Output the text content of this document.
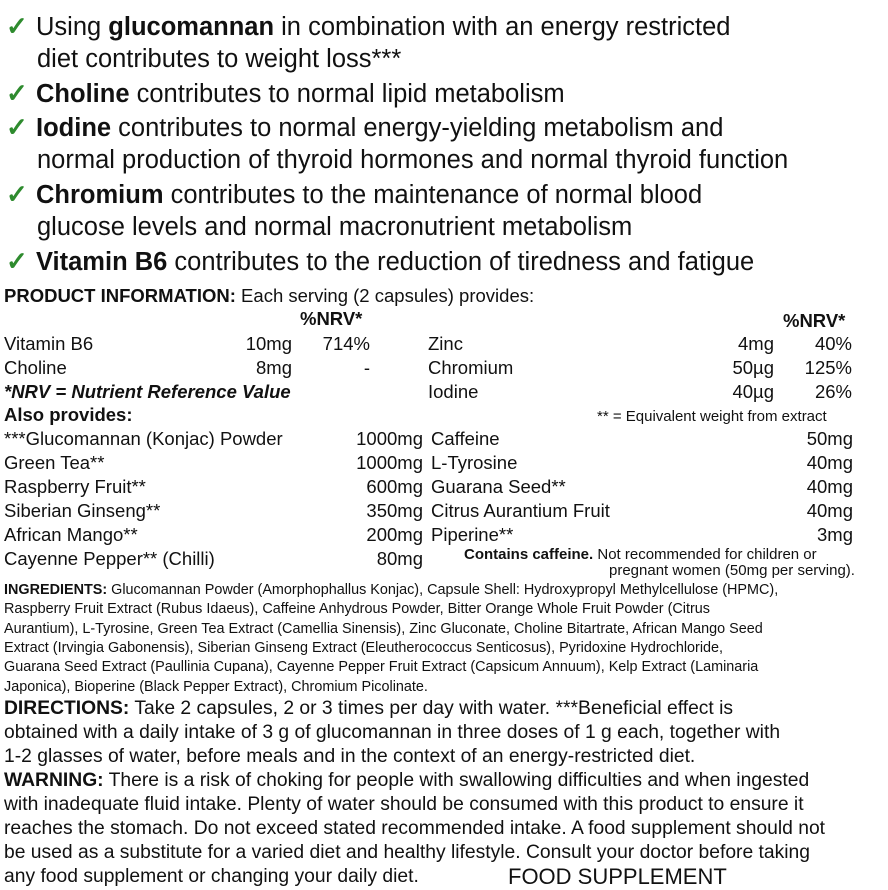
✓ Using glucomannan in combination with an energy restricted
diet contributes to weight loss***
✓ Choline contributes to normal lipid metabolism
✓ Iodine contributes to normal energy-yielding metabolism and
normal production of thyroid hormones and normal thyroid function
✓ Chromium contributes to the maintenance of normal blood
glucose levels and normal macronutrient metabolism
✓ Vitamin B6 contributes to the reduction of tiredness and fatigue
PRODUCT INFORMATION: Each serving (2 capsules) provides:
%NRV*	%NRV*
Vitamin B6	10mg	714%
Choline	8mg	-
Zinc	4mg	40%
Chromium	50µg	125%
Iodine	40µg	26%
*NRV = Nutrient Reference Value
Also provides:	** = Equivalent weight from extract
***Glucomannan (Konjac) Powder	1000mg
Green Tea**	1000mg
Raspberry Fruit**	600mg
Siberian Ginseng**	350mg
African Mango**	200mg
Cayenne Pepper** (Chilli)	80mg
Caffeine	50mg
L-Tyrosine	40mg
Guarana Seed**	40mg
Citrus Aurantium Fruit	40mg
Piperine**	3mg
Contains caffeine. Not recommended for children or
pregnant women (50mg per serving).
INGREDIENTS: Glucomannan Powder (Amorphophallus Konjac), Capsule Shell: Hydroxypropyl Methylcellulose (HPMC),
Raspberry Fruit Extract (Rubus Idaeus), Caffeine Anhydrous Powder, Bitter Orange Whole Fruit Powder (Citrus
Aurantium), L-Tyrosine, Green Tea Extract (Camellia Sinensis), Zinc Gluconate, Choline Bitartrate, African Mango Seed
Extract (Irvingia Gabonensis), Siberian Ginseng Extract (Eleutherococcus Senticosus), Pyridoxine Hydrochloride,
Guarana Seed Extract (Paullinia Cupana), Cayenne Pepper Fruit Extract (Capsicum Annuum), Kelp Extract (Laminaria
Japonica), Bioperine (Black Pepper Extract), Chromium Picolinate.
DIRECTIONS: Take 2 capsules, 2 or 3 times per day with water. ***Beneficial effect is
obtained with a daily intake of 3 g of glucomannan in three doses of 1 g each, together with
1-2 glasses of water, before meals and in the context of an energy-restricted diet.
WARNING: There is a risk of choking for people with swallowing difficulties and when ingested
with inadequate fluid intake. Plenty of water should be consumed with this product to ensure it
reaches the stomach. Do not exceed stated recommended intake. A food supplement should not
be used as a substitute for a varied diet and healthy lifestyle. Consult your doctor before taking
any food supplement or changing your daily diet.	FOOD SUPPLEMENT
